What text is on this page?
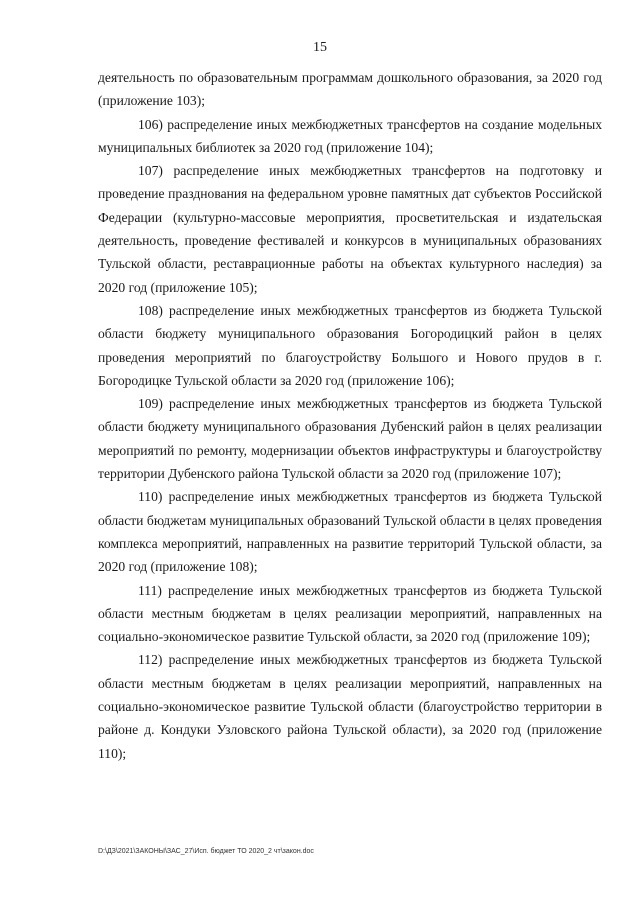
15

деятельность по образовательным программам дошкольного образования, за 2020 год (приложение 103);

106) распределение иных межбюджетных трансфертов на создание модельных муниципальных библиотек за 2020 год (приложение 104);

107) распределение иных межбюджетных трансфертов на подготовку и проведение празднования на федеральном уровне памятных дат субъектов Российской Федерации (культурно-массовые мероприятия, просветительская и издательская деятельность, проведение фестивалей и конкурсов в муниципальных образованиях Тульской области, реставрационные работы на объектах культурного наследия) за 2020 год (приложение 105);

108) распределение иных межбюджетных трансфертов из бюджета Тульской области бюджету муниципального образования Богородицкий район в целях проведения мероприятий по благоустройству Большого и Нового прудов в г. Богородицке Тульской области за 2020 год (приложение 106);

109) распределение иных межбюджетных трансфертов из бюджета Тульской области бюджету муниципального образования Дубенский район в целях реализации мероприятий по ремонту, модернизации объектов инфраструктуры и благоустройству территории Дубенского района Тульской области за 2020 год (приложение 107);

110) распределение иных межбюджетных трансфертов из бюджета Тульской области бюджетам муниципальных образований Тульской области в целях проведения комплекса мероприятий, направленных на развитие территорий Тульской области, за 2020 год (приложение 108);

111) распределение иных межбюджетных трансфертов из бюджета Тульской области местным бюджетам в целях реализации мероприятий, направленных на социально-экономическое развитие Тульской области, за 2020 год (приложение 109);

112) распределение иных межбюджетных трансфертов из бюджета Тульской области местным бюджетам в целях реализации мероприятий, направленных на социально-экономическое развитие Тульской области (благоустройство территории в районе д. Кондуки Узловского района Тульской области), за 2020 год (приложение 110);

D:\ДЗ\2021\ЗАКОНЫ\ЗАС_27\Исп. бюджет ТО 2020_2 чт\закон.doc
